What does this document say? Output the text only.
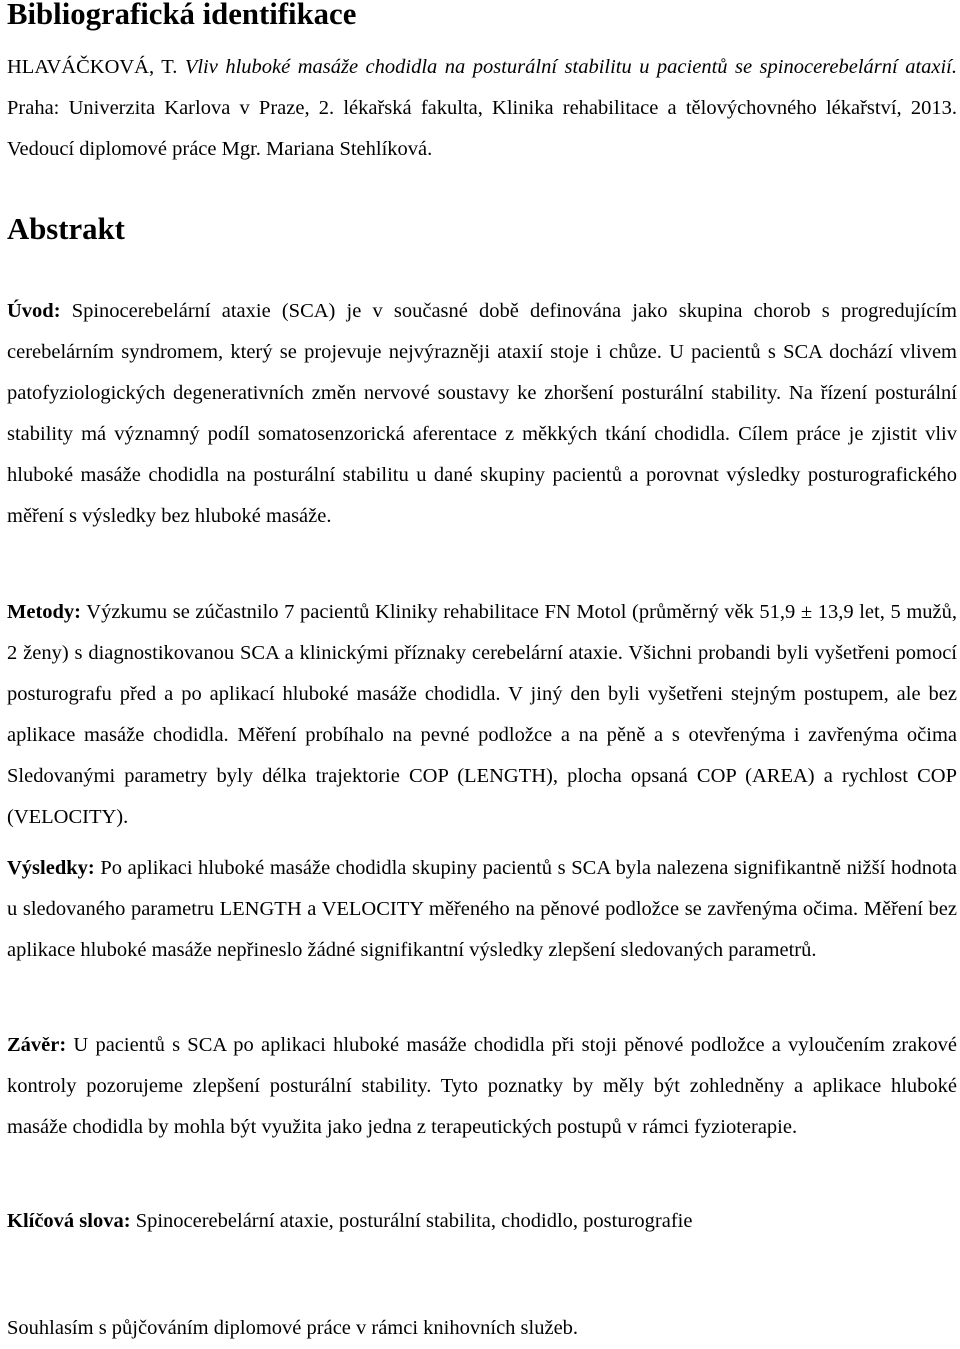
Bibliografická identifikace

HLAVÁČKOVÁ, T. Vliv hluboké masáže chodidla na posturální stabilitu u pacientů se spinocerebelární ataxií. Praha: Univerzita Karlova v Praze, 2. lékařská fakulta, Klinika rehabilitace a tělovýchovného lékařství, 2013. Vedoucí diplomové práce Mgr. Mariana Stehlíková.

Abstrakt

Úvod: Spinocerebelární ataxie (SCA) je v současné době definována jako skupina chorob s progredujícím cerebelárním syndromem, který se projevuje nejvýrazněji ataxií stoje i chůze. U pacientů s SCA dochází vlivem patofyziologických degenerativních změn nervové soustavy ke zhoršení posturální stability. Na řízení posturální stability má významný podíl somatosenzorická aferentace z měkkých tkání chodidla. Cílem práce je zjistit vliv hluboké masáže chodidla na posturální stabilitu u dané skupiny pacientů a porovnat výsledky posturografického měření s výsledky bez hluboké masáže.

Metody: Výzkumu se zúčastnilo 7 pacientů Kliniky rehabilitace FN Motol (průměrný věk 51,9 ± 13,9 let, 5 mužů, 2 ženy) s diagnostikovanou SCA a klinickými příznaky cerebelární ataxie. Všichni probandi byli vyšetřeni pomocí posturografu před a po aplikací hluboké masáže chodidla. V jiný den byli vyšetřeni stejným postupem, ale bez aplikace masáže chodidla. Měření probíhalo na pevné podložce a na pěně a s otevřenýma i zavřenýma očima Sledovanými parametry byly délka trajektorie COP (LENGTH), plocha opsaná COP (AREA) a rychlost COP (VELOCITY).

Výsledky: Po aplikaci hluboké masáže chodidla skupiny pacientů s SCA byla nalezena signifikantně nižší hodnota u sledovaného parametru LENGTH a VELOCITY měřeného na pěnové podložce se zavřenýma očima. Měření bez aplikace hluboké masáže nepřineslo žádné signifikantní výsledky zlepšení sledovaných parametrů.

Závěr: U pacientů s SCA po aplikaci hluboké masáže chodidla při stoji pěnové podložce a vyloučením zrakové kontroly pozorujeme zlepšení posturální stability. Tyto poznatky by měly být zohledněny a aplikace hluboké masáže chodidla by mohla být využita jako jedna z terapeutických postupů v rámci fyzioterapie.

Klíčová slova: Spinocerebelární ataxie, posturální stabilita, chodidlo, posturografie

Souhlasím s půjčováním diplomové práce v rámci knihovních služeb.
